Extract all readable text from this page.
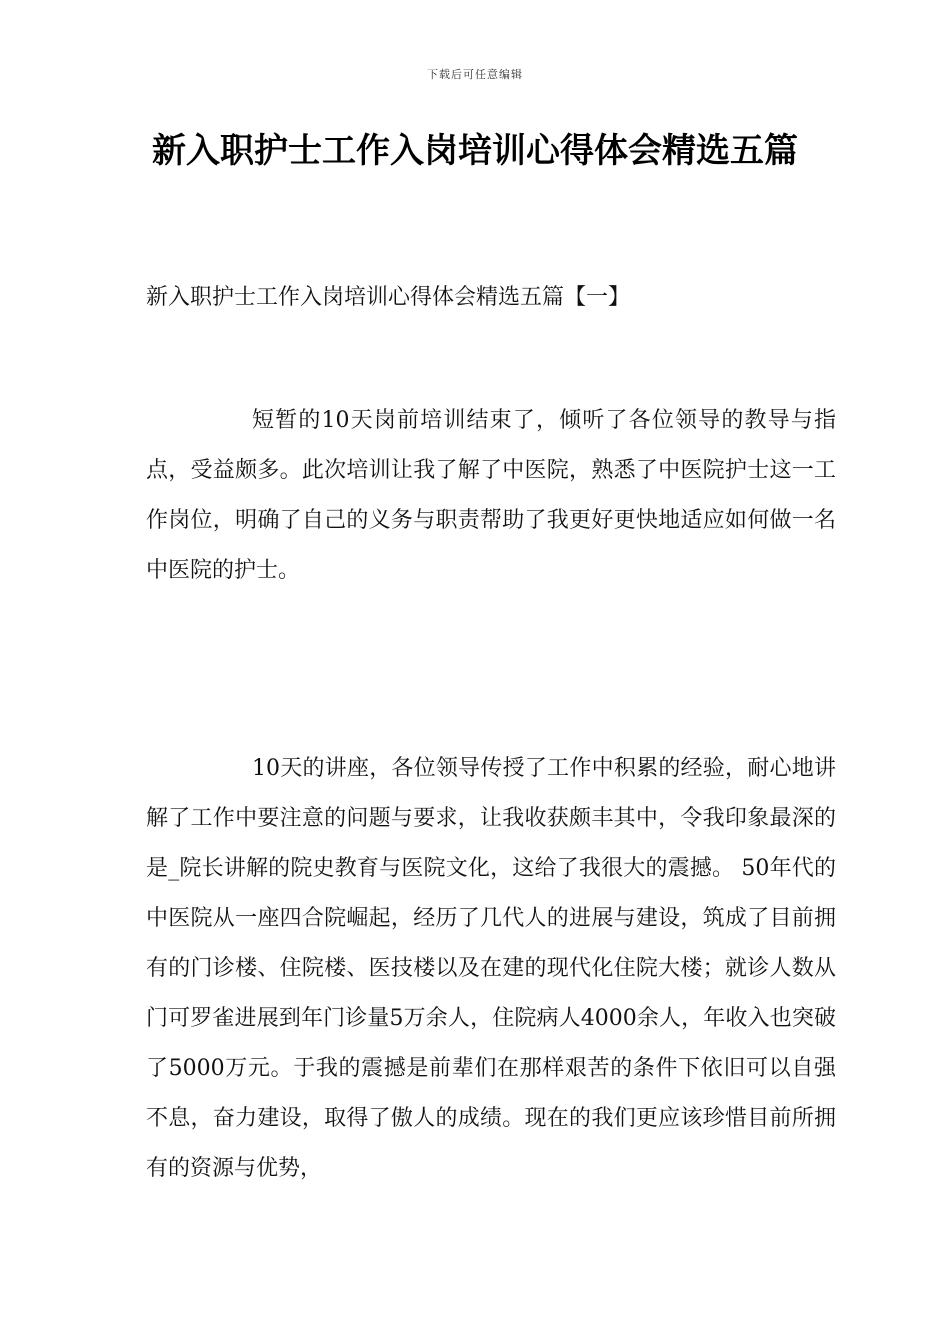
下载后可任意编辑
新入职护士工作入岗培训心得体会精选五篇
新入职护士工作入岗培训心得体会精选五篇【一】

短暂的10天岗前培训结束了，倾听了各位领导的教导与指点，受益颇多。此次培训让我了解了中医院，熟悉了中医院护士这一工作岗位，明确了自己的义务与职责帮助了我更好更快地适应如何做一名中医院的护士。

10天的讲座，各位领导传授了工作中积累的经验，耐心地讲解了工作中要注意的问题与要求，让我收获颇丰其中，令我印象最深的是_院长讲解的院史教育与医院文化，这给了我很大的震撼。 50年代的中医院从一座四合院崛起，经历了几代人的进展与建设，筑成了目前拥有的门诊楼、住院楼、医技楼以及在建的现代化住院大楼；就诊人数从门可罗雀进展到年门诊量5万余人，住院病人4000余人，年收入也突破了5000万元。于我的震撼是前辈们在那样艰苦的条件下依旧可以自强不息，奋力建设，取得了傲人的成绩。现在的我们更应该珍惜目前所拥有的资源与优势，
